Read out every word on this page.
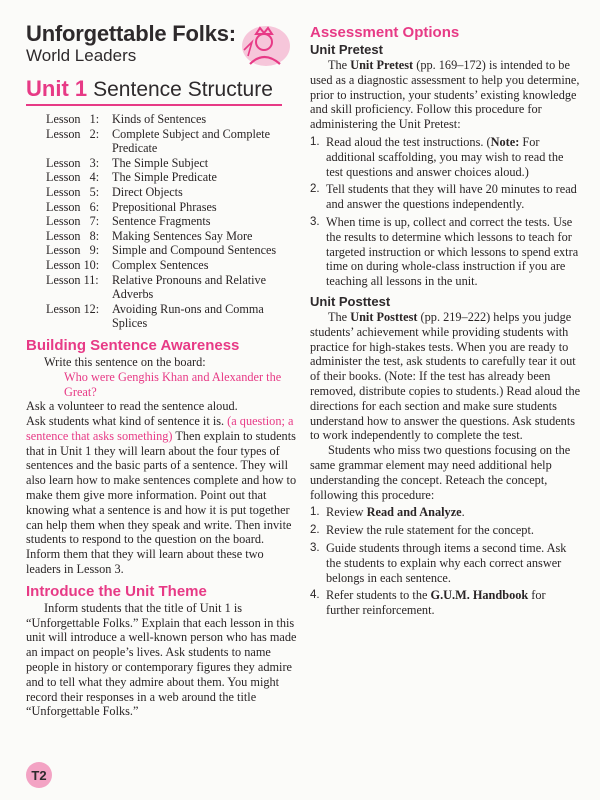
Unforgettable Folks:
World Leaders
Unit 1 Sentence Structure
Lesson   1:	Kinds of Sentences
Lesson   2:	Complete Subject and Complete Predicate
Lesson   3:	The Simple Subject
Lesson   4:	The Simple Predicate
Lesson   5:	Direct Objects
Lesson   6:	Prepositional Phrases
Lesson   7:	Sentence Fragments
Lesson   8:	Making Sentences Say More
Lesson   9:	Simple and Compound Sentences
Lesson 10:	Complex Sentences
Lesson 11:	Relative Pronouns and Relative Adverbs
Lesson 12:	Avoiding Run-ons and Comma Splices
Building Sentence Awareness

Write this sentence on the board:

Who were Genghis Khan and Alexander the Great?

Ask a volunteer to read the sentence aloud.

Ask students what kind of sentence it is. (a question; a sentence that asks something) Then explain to students that in Unit 1 they will learn about the four types of sentences and the basic parts of a sentence. They will also learn how to make sentences complete and how to make them give more information. Point out that knowing what a sentence is and how it is put together can help them when they speak and write. Then invite students to respond to the question on the board. Inform them that they will learn about these two leaders in Lesson 3.

Introduce the Unit Theme

Inform students that the title of Unit 1 is “Unforgettable Folks.” Explain that each lesson in this unit will introduce a well-known person who has made an impact on people’s lives. Ask students to name people in history or contemporary figures they admire and to tell what they admire about them. You might record their responses in a web around the title “Unforgettable Folks.”

Assessment Options
Unit Pretest

The Unit Pretest (pp. 169–172) is intended to be used as a diagnostic assessment to help you determine, prior to instruction, your students’ existing knowledge and skill proficiency. Follow this procedure for administering the Unit Pretest:

1. Read aloud the test instructions. (Note: For additional scaffolding, you may wish to read the test questions and answer choices aloud.)
2. Tell students that they will have 20 minutes to read and answer the questions independently.
3. When time is up, collect and correct the tests. Use the results to determine which lessons to teach for targeted instruction or which lessons to spend extra time on during whole-class instruction if you are teaching all lessons in the unit.
Unit Posttest

The Unit Posttest (pp. 219–222) helps you judge students’ achievement while providing students with practice for high-stakes tests. When you are ready to administer the test, ask students to carefully tear it out of their books. (Note: If the test has already been removed, distribute copies to students.) Read aloud the directions for each section and make sure students understand how to answer the questions. Ask students to work independently to complete the test.

Students who miss two questions focusing on the same grammar element may need additional help understanding the concept. Reteach the concept, following this procedure:

1. Review Read and Analyze.
2. Review the rule statement for the concept.
3. Guide students through items a second time. Ask the students to explain why each correct answer belongs in each sentence.
4. Refer students to the G.U.M. Handbook for further reinforcement.
T2
